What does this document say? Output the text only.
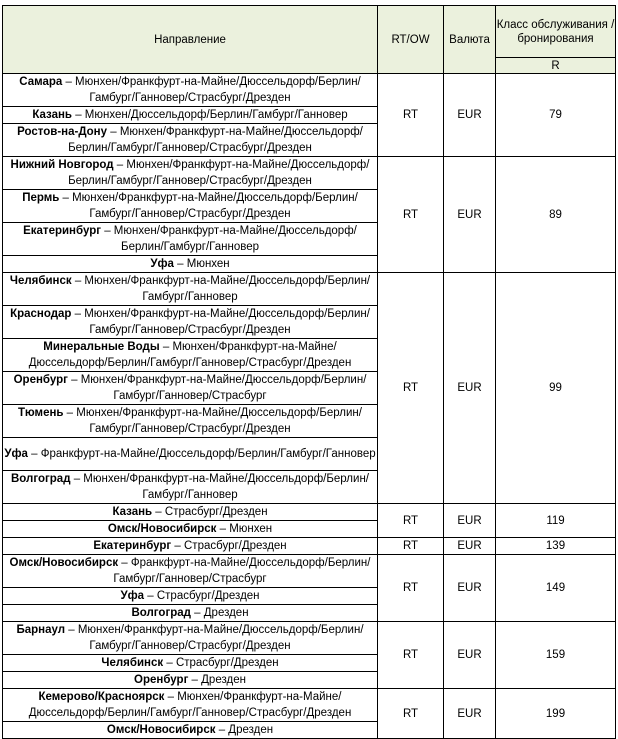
Направление	RT/OW	Валюта	Класс обслуживания / бронирования

			R
Самара – Мюнхен/Франкфурт-на-Майне/Дюссельдорф/Берлин/ Гамбург/Ганновер/Страсбург/Дрезден	RT	EUR	79
Казань – Мюнхен/Дюссельдорф/Берлин/Гамбург/Ганновер			
Ростов-на-Дону – Мюнхен/Франкфурт-на-Майне/Дюссельдорф/Берлин/Гамбург/Ганновер/Страсбург/Дрезден			
Нижний Новгород – Мюнхен/Франкфурт-на-Майне/Дюссельдорф/Берлин/Гамбург/Ганновер/Страсбург/Дрезден	RT	EUR	89
Пермь – Мюнхен/Франкфурт-на-Майне/Дюссельдорф/Берлин/Гамбург/Ганновер/Страсбург/Дрезден			
Екатеринбург – Мюнхен/Франкфурт-на-Майне/Дюссельдорф/Берлин/Гамбург/Ганновер			
Уфа – Мюнхен			
Челябинск – Мюнхен/Франкфурт-на-Майне/Дюссельдорф/Берлин/Гамбург/Ганновер	RT	EUR	99
Краснодар – Мюнхен/Франкфурт-на-Майне/Дюссельдорф/Берлин/Гамбург/Ганновер/Страсбург/Дрезден			
Минеральные Воды – Мюнхен/Франкфурт-на-Майне/Дюссельдорф/Берлин/Гамбург/Ганновер/Страсбург/Дрезден			
Оренбург – Мюнхен/Франкфурт-на-Майне/Дюссельдорф/Берлин/Гамбург/Ганновер/Страсбург			
Тюмень – Мюнхен/Франкфурт-на-Майне/Дюссельдорф/Берлин/Гамбург/Ганновер/Страсбург/Дрезден			
Уфа – Франкфурт-на-Майне/Дюссельдорф/Берлин/Гамбург/Ганновер			
Волгоград – Мюнхен/Франкфурт-на-Майне/Дюссельдорф/Берлин/Гамбург/Ганновер			
Казань – Страсбург/Дрезден	RT	EUR	119
Омск/Новосибирск – Мюнхен			
Екатеринбург – Страсбург/Дрезден	RT	EUR	139
Омск/Новосибирск – Франкфурт-на-Майне/Дюссельдорф/Берлин/Гамбург/Ганновер/Страсбург	RT	EUR	149
Уфа – Страсбург/Дрезден			
Волгоград – Дрезден			
Барнаул – Мюнхен/Франкфурт-на-Майне/Дюссельдорф/Берлин/Гамбург/Ганновер/Страсбург/Дрезден	RT	EUR	159
Челябинск – Страсбург/Дрезден			
Оренбург – Дрезден			
Кемерово/Красноярск – Мюнхен/Франкфурт-на-Майне/Дюссельдорф/Берлин/Гамбург/Ганновер/Страсбург/Дрезден	RT	EUR	199
Омск/Новосибирск – Дрезден			
